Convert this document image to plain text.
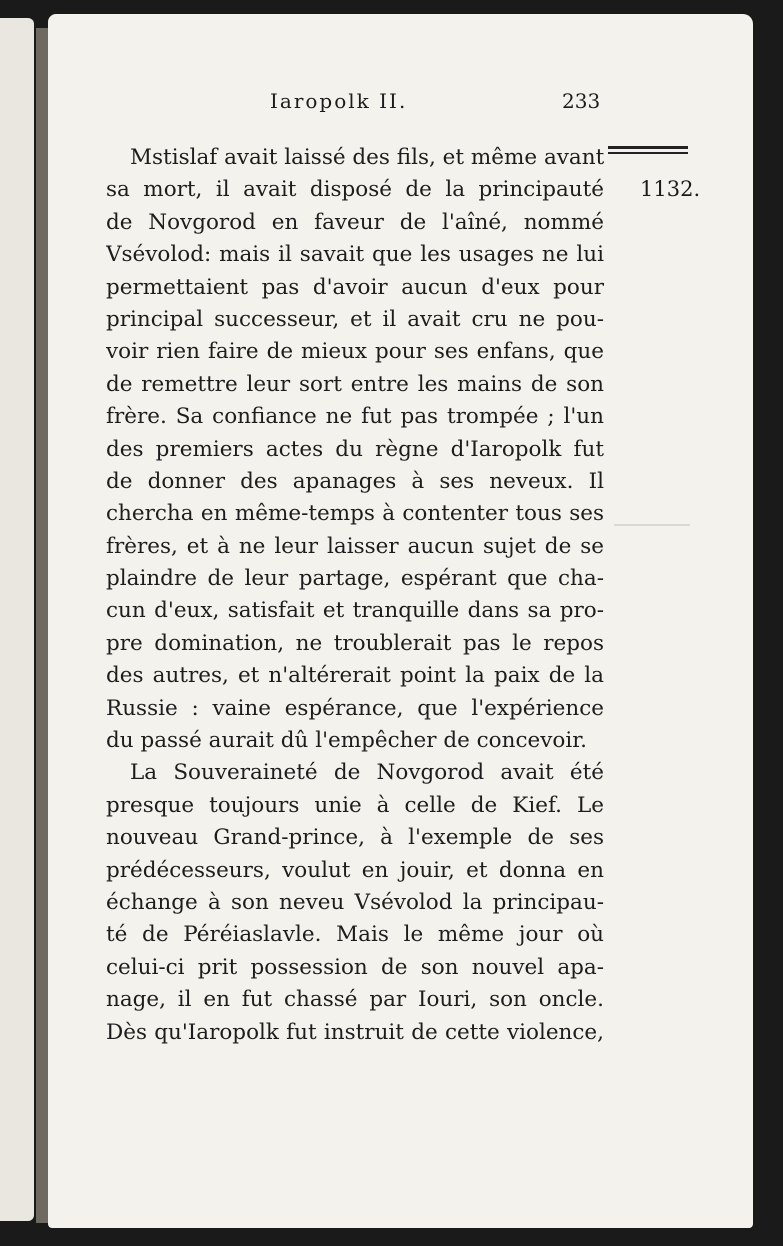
Iaropolk II.	233
1132.
Mstislaf avait laissé des fils, et même avant
sa mort, il avait disposé de la principauté
de Novgorod en faveur de l'aîné, nommé
Vsévolod: mais il savait que les usages ne lui
permettaient pas d'avoir aucun d'eux pour
principal successeur, et il avait cru ne pou-
voir rien faire de mieux pour ses enfans, que
de remettre leur sort entre les mains de son
frère. Sa confiance ne fut pas trompée ; l'un
des premiers actes du règne d'Iaropolk fut
de donner des apanages à ses neveux. Il
chercha en même-temps à contenter tous ses
frères, et à ne leur laisser aucun sujet de se
plaindre de leur partage, espérant que cha-
cun d'eux, satisfait et tranquille dans sa pro-
pre domination, ne troublerait pas le repos
des autres, et n'altérerait point la paix de la
Russie : vaine espérance, que l'expérience
du passé aurait dû l'empêcher de concevoir.
La Souveraineté de Novgorod avait été
presque toujours unie à celle de Kief. Le
nouveau Grand-prince, à l'exemple de ses
prédécesseurs, voulut en jouir, et donna en
échange à son neveu Vsévolod la principau-
té de Péréiaslavle. Mais le même jour où
celui-ci prit possession de son nouvel apa-
nage, il en fut chassé par Iouri, son oncle.
Dès qu'Iaropolk fut instruit de cette violence,
